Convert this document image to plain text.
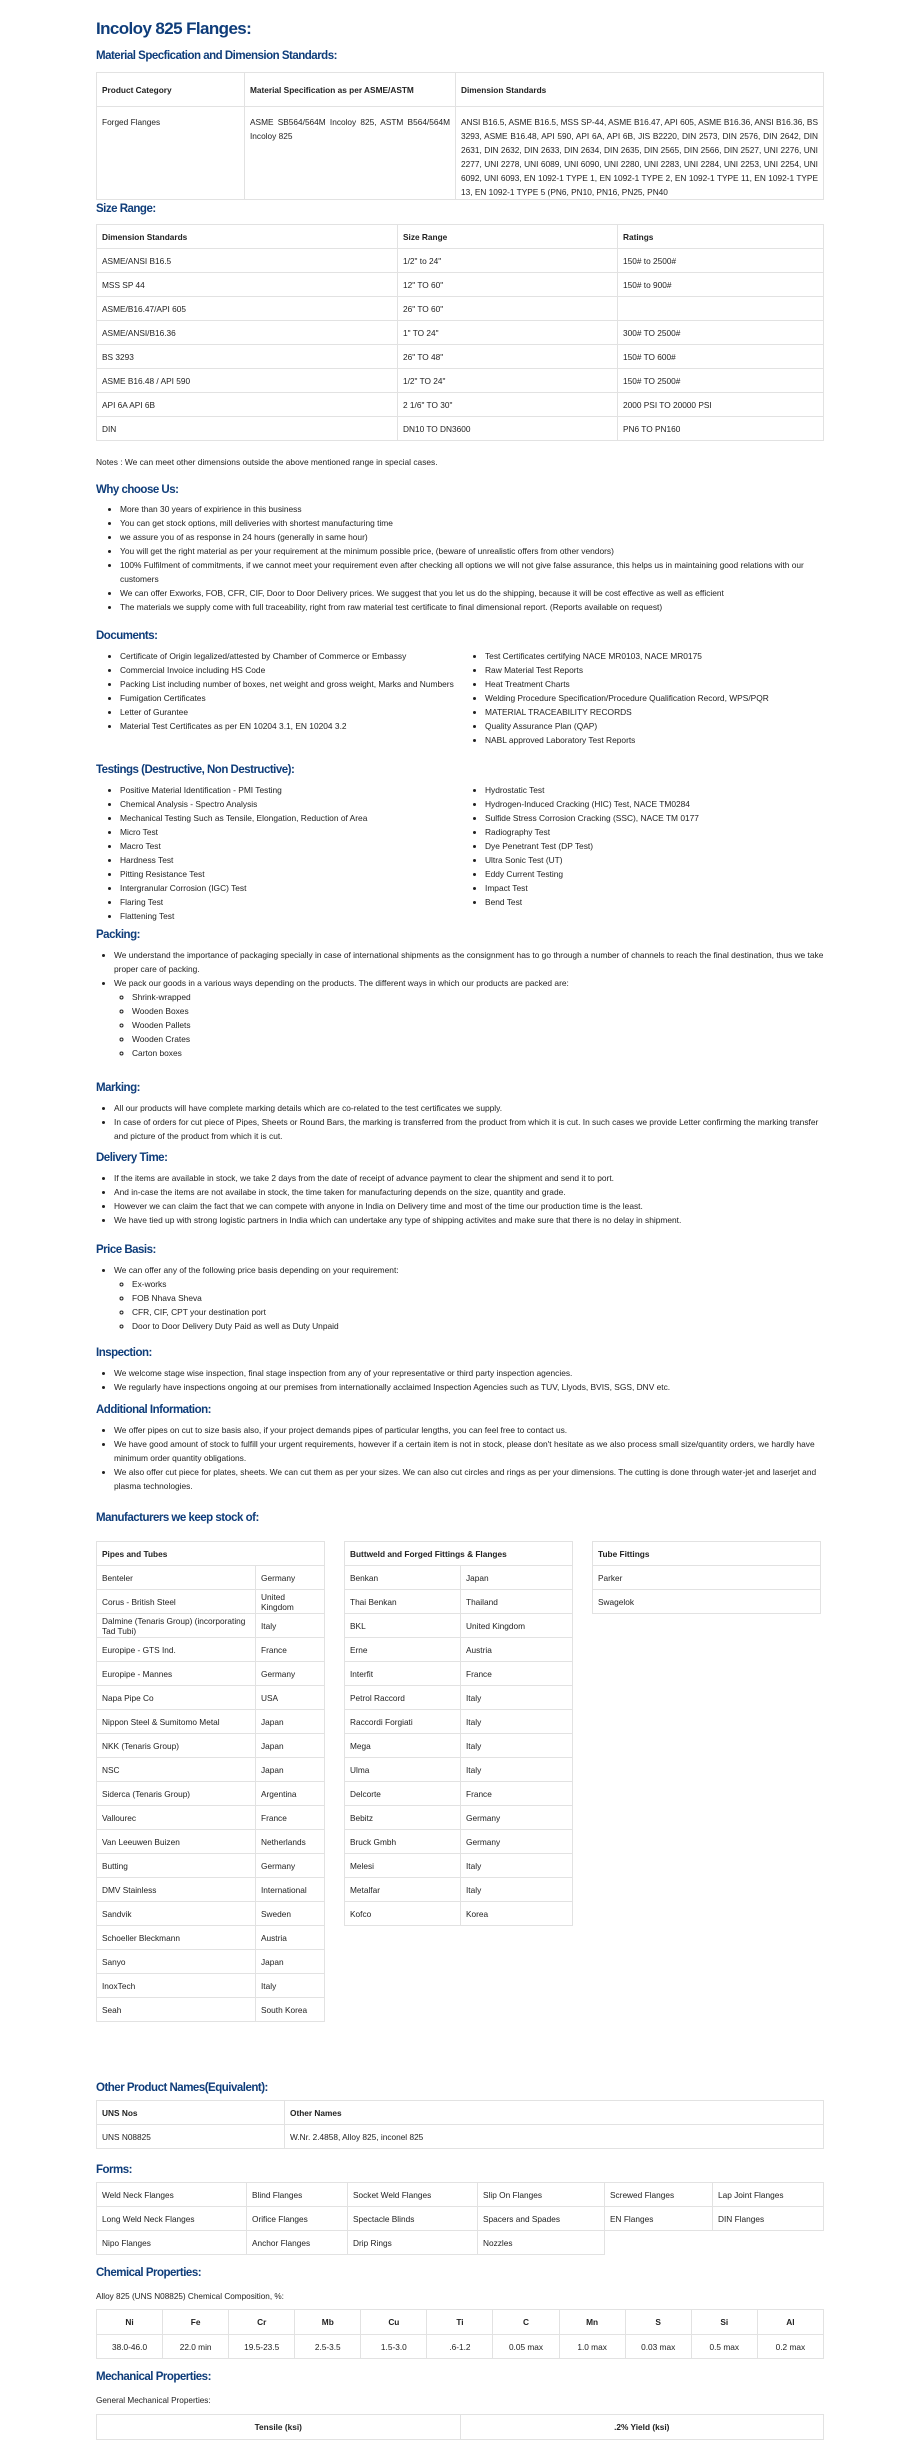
Incoloy 825 Flanges:
Material Specfication and Dimension Standards:
Product Category	Material Specification as per ASME/ASTM	Dimension Standards
Forged Flanges	ASME SB564/564M Incoloy 825, ASTM B564/564M Incoloy 825	ANSI B16.5, ASME B16.5, MSS SP-44, ASME B16.47, API 605, ASME B16.36, ANSI B16.36, BS 3293, ASME B16.48, API 590, API 6A, API 6B, JIS B2220, DIN 2573, DIN 2576, DIN 2642, DIN 2631, DIN 2632, DIN 2633, DIN 2634, DIN 2635, DIN 2565, DIN 2566, DIN 2527, UNI 2276, UNI 2277, UNI 2278, UNI 6089, UNI 6090, UNI 2280, UNI 2283, UNI 2284, UNI 2253, UNI 2254, UNI 6092, UNI 6093, EN 1092-1 TYPE 1, EN 1092-1 TYPE 2, EN 1092-1 TYPE 11, EN 1092-1 TYPE 13, EN 1092-1 TYPE 5 (PN6, PN10, PN16, PN25, PN40
Size Range:
Dimension Standards	Size Range	Ratings
ASME/ANSI B16.5	1/2" to 24"	150# to 2500#
MSS SP 44	12" TO 60"	150# to 900#
ASME/B16.47/API 605	26" TO 60"	
ASME/ANSI/B16.36	1" TO 24"	300# TO 2500#
BS 3293	26" TO 48"	150# TO 600#
ASME B16.48 / API 590	1/2" TO 24"	150# TO 2500#
API 6A API 6B	2 1/6" TO 30"	2000 PSI TO 20000 PSI
DIN	DN10 TO DN3600	PN6 TO PN160
Notes : We can meet other dimensions outside the above mentioned range in special cases.
Why choose Us:
• More than 30 years of expirience in this business
• You can get stock options, mill deliveries with shortest manufacturing time
• we assure you of as response in 24 hours (generally in same hour)
• You will get the right material as per your requirement at the minimum possible price, (beware of unrealistic offers from other vendors)
• 100% Fulfilment of commitments, if we cannot meet your requirement even after checking all options we will not give false assurance, this helps us in maintaining good relations with our customers
• We can offer Exworks, FOB, CFR, CIF, Door to Door Delivery prices. We suggest that you let us do the shipping, because it will be cost effective as well as efficient
• The materials we supply come with full traceability, right from raw material test certificate to final dimensional report. (Reports available on request)
Documents:
• Certificate of Origin legalized/attested by Chamber of Commerce or Embassy
• Commercial Invoice including HS Code
• Packing List including number of boxes, net weight and gross weight, Marks and Numbers
• Fumigation Certificates
• Letter of Gurantee
• Material Test Certificates as per EN 10204 3.1, EN 10204 3.2
• Test Certificates certifying NACE MR0103, NACE MR0175
• Raw Material Test Reports
• Heat Treatment Charts
• Welding Procedure Specification/Procedure Qualification Record, WPS/PQR
• MATERIAL TRACEABILITY RECORDS
• Quality Assurance Plan (QAP)
• NABL approved Laboratory Test Reports
Testings (Destructive, Non Destructive):
• Positive Material Identification - PMI Testing
• Chemical Analysis - Spectro Analysis
• Mechanical Testing Such as Tensile, Elongation, Reduction of Area
• Micro Test
• Macro Test
• Hardness Test
• Pitting Resistance Test
• Intergranular Corrosion (IGC) Test
• Flaring Test
• Flattening Test
• Hydrostatic Test
• Hydrogen-Induced Cracking (HIC) Test, NACE TM0284
• Sulfide Stress Corrosion Cracking (SSC), NACE TM 0177
• Radiography Test
• Dye Penetrant Test (DP Test)
• Ultra Sonic Test (UT)
• Eddy Current Testing
• Impact Test
• Bend Test
Packing:
• We understand the importance of packaging specially in case of international shipments as the consignment has to go through a number of channels to reach the final destination, thus we take proper care of packing.
• We pack our goods in a various ways depending on the products. The different ways in which our products are packed are:
◦ Shrink-wrapped
◦ Wooden Boxes
◦ Wooden Pallets
◦ Wooden Crates
◦ Carton boxes
Marking:
• All our products will have complete marking details which are co-related to the test certificates we supply.
• In case of orders for cut piece of Pipes, Sheets or Round Bars, the marking is transferred from the product from which it is cut. In such cases we provide Letter confirming the marking transfer and picture of the product from which it is cut.
Delivery Time:
• If the items are available in stock, we take 2 days from the date of receipt of advance payment to clear the shipment and send it to port.
• And in-case the items are not availabe in stock, the time taken for manufacturing depends on the size, quantity and grade.
• However we can claim the fact that we can compete with anyone in India on Delivery time and most of the time our production time is the least.
• We have tied up with strong logistic partners in India which can undertake any type of shipping activites and make sure that there is no delay in shipment.
Price Basis:
• We can offer any of the following price basis depending on your requirement:
◦ Ex-works
◦ FOB Nhava Sheva
◦ CFR, CIF, CPT your destination port
◦ Door to Door Delivery Duty Paid as well as Duty Unpaid
Inspection:
• We welcome stage wise inspection, final stage inspection from any of your representative or third party inspection agencies.
• We regularly have inspections ongoing at our premises from internationally acclaimed Inspection Agencies such as TUV, Llyods, BVIS, SGS, DNV etc.
Additional Information:
• We offer pipes on cut to size basis also, if your project demands pipes of particular lengths, you can feel free to contact us.
• We have good amount of stock to fulfill your urgent requirements, however if a certain item is not in stock, please don't hesitate as we also process small size/quantity orders, we hardly have minimum order quantity obligations.
• We also offer cut piece for plates, sheets. We can cut them as per your sizes. We can also cut circles and rings as per your dimensions. The cutting is done through water-jet and laserjet and plasma technologies.
Manufacturers we keep stock of:
Pipes and Tubes	
Benteler	Germany
Corus - British Steel	United Kingdom
Dalmine (Tenaris Group) (incorporating Tad Tubi)	Italy
Europipe - GTS Ind.	France
Europipe - Mannes	Germany
Napa Pipe Co	USA
Nippon Steel & Sumitomo Metal	Japan
NKK (Tenaris Group)	Japan
NSC	Japan
Siderca (Tenaris Group)	Argentina
Vallourec	France
Van Leeuwen Buizen	Netherlands
Butting	Germany
DMV Stainless	International
Sandvik	Sweden
Schoeller Bleckmann	Austria
Sanyo	Japan
InoxTech	Italy
Seah	South Korea
Buttweld and Forged Fittings & Flanges	
Benkan	Japan
Thai Benkan	Thailand
BKL	United Kingdom
Erne	Austria
Interfit	France
Petrol Raccord	Italy
Raccordi Forgiati	Italy
Mega	Italy
Ulma	Italy
Delcorte	France
Bebitz	Germany
Bruck Gmbh	Germany
Melesi	Italy
Metalfar	Italy
Kofco	Korea
Tube Fittings
Parker
Swagelok
Other Product Names(Equivalent):
UNS Nos	Other Names
UNS N08825	W.Nr. 2.4858, Alloy 825, inconel 825
Forms:
Weld Neck Flanges	Blind Flanges	Socket Weld Flanges	Slip On Flanges	Screwed Flanges	Lap Joint Flanges
Long Weld Neck Flanges	Orifice Flanges	Spectacle Blinds	Spacers and Spades	EN Flanges	DIN Flanges
Nipo Flanges	Anchor Flanges	Drip Rings	Nozzles		
Chemical Properties:
Alloy 825 (UNS N08825) Chemical Composition, %:
Ni	Fe	Cr	Mb	Cu	Ti	C	Mn	S	Si	Al
38.0-46.0	22.0 min	19.5-23.5	2.5-3.5	1.5-3.0	.6-1.2	0.05 max	1.0 max	0.03 max	0.5 max	0.2 max
Mechanical Properties:
General Mechanical Properties:
Tensile (ksi)	.2% Yield (ksi)
